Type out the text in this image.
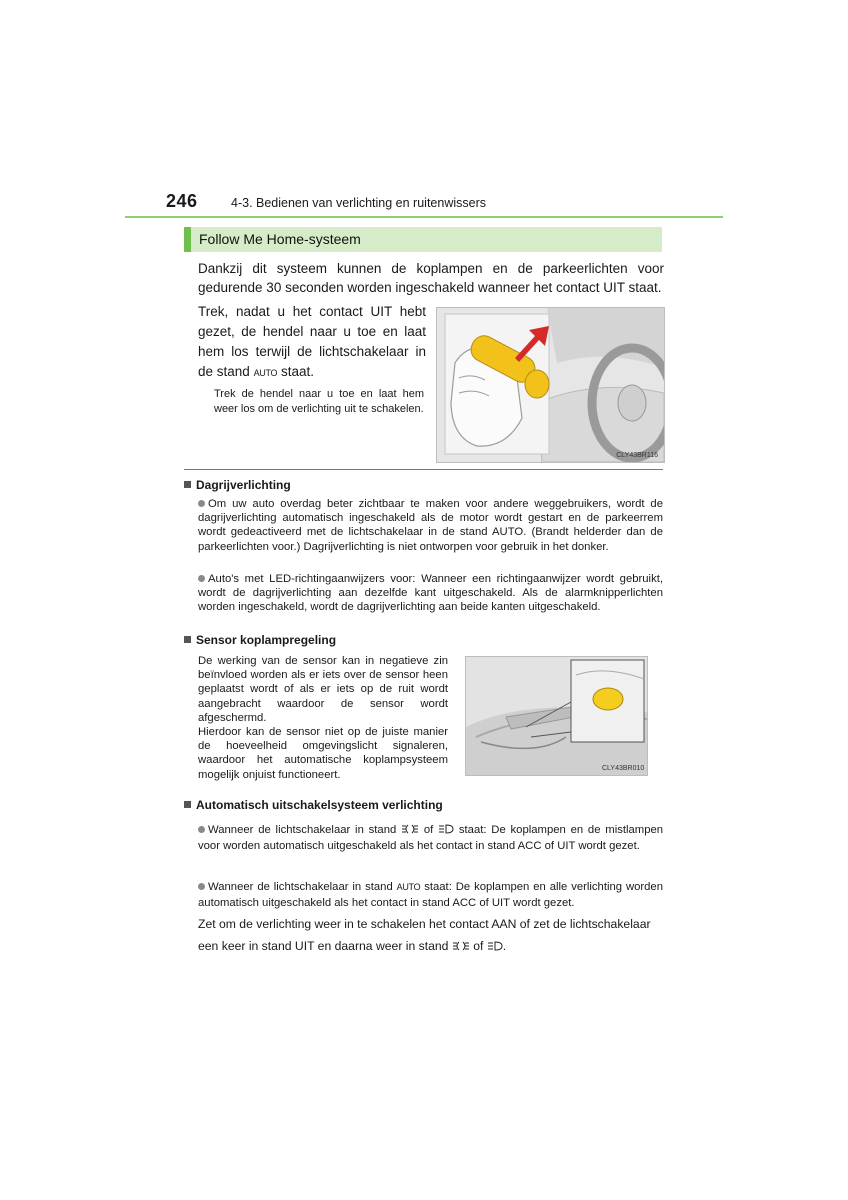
246	4-3. Bedienen van verlichting en ruitenwissers
Follow Me Home-systeem
Dankzij dit systeem kunnen de koplampen en de parkeerlichten voor gedurende 30 seconden worden ingeschakeld wanneer het contact UIT staat.
Trek, nadat u het contact UIT hebt gezet, de hendel naar u toe en laat hem los terwijl de lichtschakelaar in de stand AUTO staat.
Trek de hendel naar u toe en laat hem weer los om de verlichting uit te schakelen.
CLY43BR116
Dagrijverlichting
Om uw auto overdag beter zichtbaar te maken voor andere weggebruikers, wordt de dagrijverlichting automatisch ingeschakeld als de motor wordt gestart en de parkeerrem wordt gedeactiveerd met de lichtschakelaar in de stand AUTO. (Brandt helderder dan de parkeerlichten voor.) Dagrijverlichting is niet ontworpen voor gebruik in het donker.
Auto's met LED-richtingaanwijzers voor: Wanneer een richtingaanwijzer wordt gebruikt, wordt de dagrijverlichting aan dezelfde kant uitgeschakeld. Als de alarmknipperlichten worden ingeschakeld, wordt de dagrijverlichting aan beide kanten uitgeschakeld.
Sensor koplampregeling
De werking van de sensor kan in negatieve zin beïnvloed worden als er iets over de sensor heen geplaatst wordt of als er iets op de ruit wordt aangebracht waardoor de sensor wordt afgeschermd.
Hierdoor kan de sensor niet op de juiste manier de hoeveelheid omgevingslicht signaleren, waardoor het automatische koplampsysteem mogelijk onjuist functioneert.
CLY43BR010
Automatisch uitschakelsysteem verlichting
Wanneer de lichtschakelaar in stand of staat: De koplampen en de mistlampen voor worden automatisch uitgeschakeld als het contact in stand ACC of UIT wordt gezet.
Wanneer de lichtschakelaar in stand AUTO staat: De koplampen en alle verlichting worden automatisch uitgeschakeld als het contact in stand ACC of UIT wordt gezet.
Zet om de verlichting weer in te schakelen het contact AAN of zet de lichtschakelaar een keer in stand UIT en daarna weer in stand of .
